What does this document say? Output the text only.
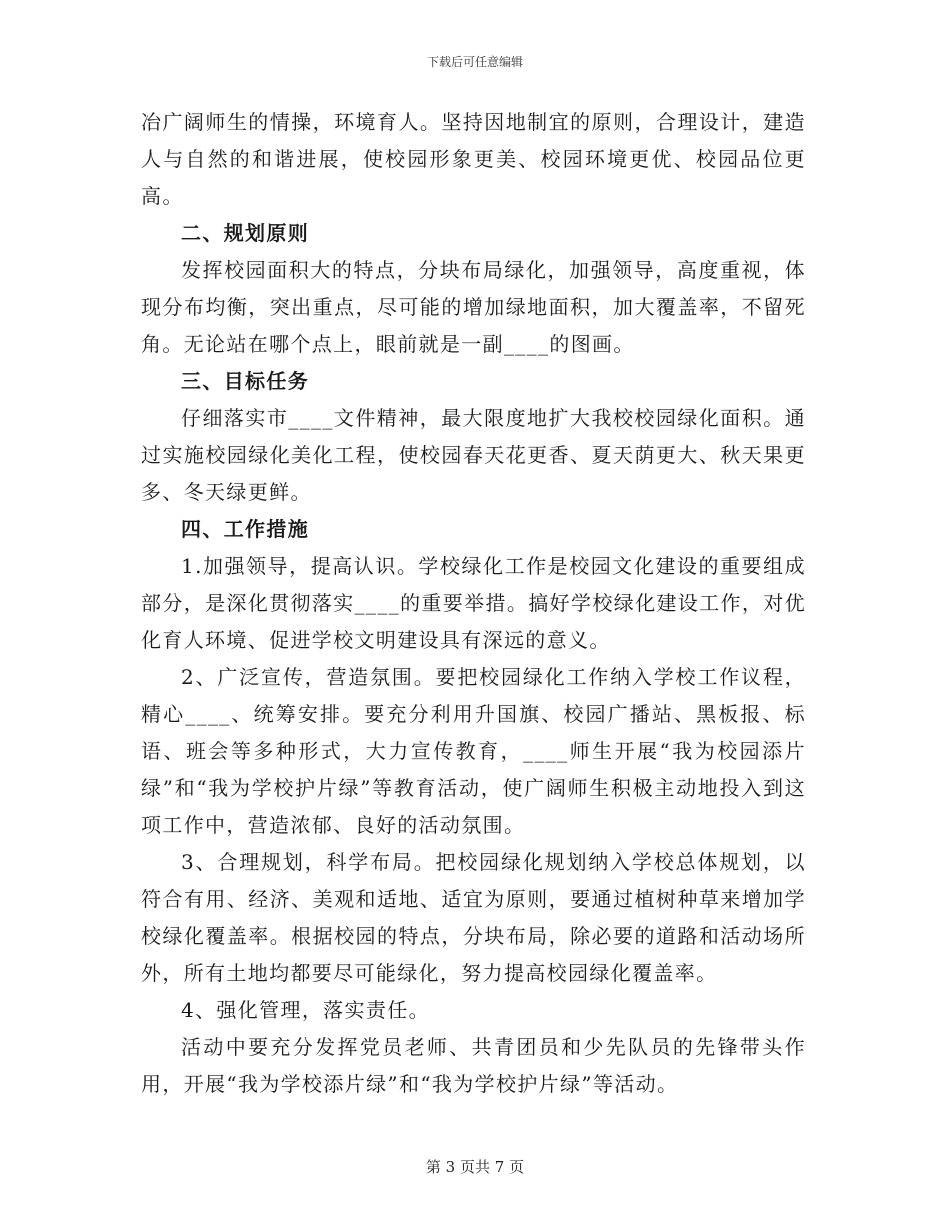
下载后可任意编辑

冶广阔师生的情操，环境育人。坚持因地制宜的原则，合理设计，建造人与自然的和谐进展，使校园形象更美、校园环境更优、校园品位更高。

二、规划原则

发挥校园面积大的特点，分块布局绿化，加强领导，高度重视，体现分布均衡，突出重点，尽可能的增加绿地面积，加大覆盖率，不留死角。无论站在哪个点上，眼前就是一副____的图画。

三、目标任务

仔细落实市____文件精神，最大限度地扩大我校校园绿化面积。通过实施校园绿化美化工程，使校园春天花更香、夏天荫更大、秋天果更多、冬天绿更鲜。

四、工作措施

1.加强领导，提高认识。学校绿化工作是校园文化建设的重要组成部分，是深化贯彻落实____的重要举措。搞好学校绿化建设工作，对优化育人环境、促进学校文明建设具有深远的意义。

2、广泛宣传，营造氛围。要把校园绿化工作纳入学校工作议程，精心____、统筹安排。要充分利用升国旗、校园广播站、黑板报、标语、班会等多种形式，大力宣传教育，____师生开展“我为校园添片绿”和“我为学校护片绿”等教育活动，使广阔师生积极主动地投入到这项工作中，营造浓郁、良好的活动氛围。

3、合理规划，科学布局。把校园绿化规划纳入学校总体规划，以符合有用、经济、美观和适地、适宜为原则，要通过植树种草来增加学校绿化覆盖率。根据校园的特点，分块布局，除必要的道路和活动场所外，所有土地均都要尽可能绿化，努力提高校园绿化覆盖率。

4、强化管理，落实责任。

活动中要充分发挥党员老师、共青团员和少先队员的先锋带头作用，开展“我为学校添片绿”和“我为学校护片绿”等活动。

第 3 页共 7 页
